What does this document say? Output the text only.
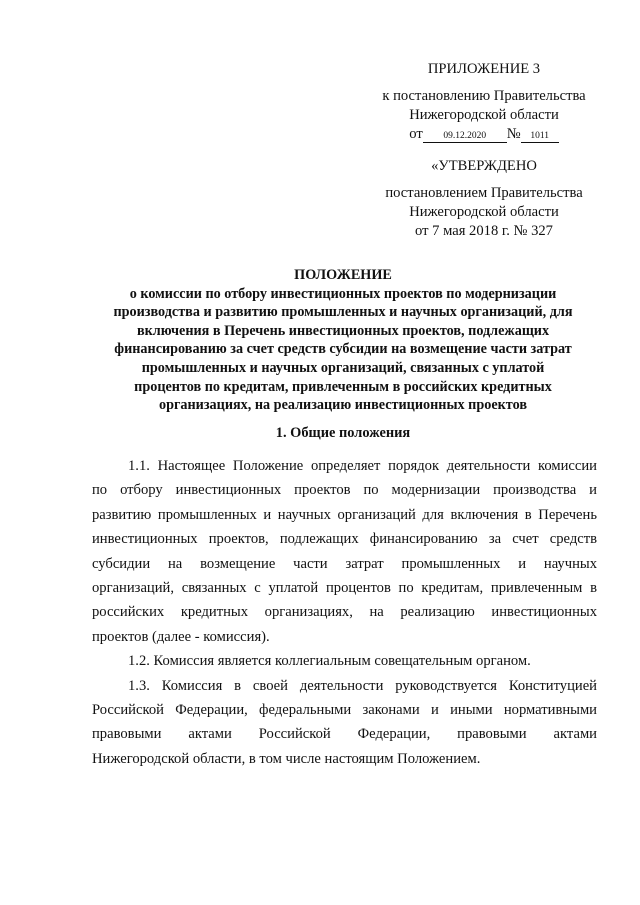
ПРИЛОЖЕНИЕ 3
к постановлению Правительства
Нижегородской области
от 09.12.2020 № 1011
«УТВЕРЖДЕНО
постановлением Правительства
Нижегородской области
от 7 мая 2018 г. № 327
ПОЛОЖЕНИЕ
о комиссии по отбору инвестиционных проектов по модернизации
производства и развитию промышленных и научных организаций, для
включения в Перечень инвестиционных проектов, подлежащих
финансированию за счет средств субсидии на возмещение части затрат
промышленных и научных организаций, связанных с уплатой
процентов по кредитам, привлеченным в российских кредитных
организациях, на реализацию инвестиционных проектов
1. Общие положения
1.1. Настоящее Положение определяет порядок деятельности комиссии
по отбору инвестиционных проектов по модернизации производства и
развитию промышленных и научных организаций для включения в Перечень
инвестиционных проектов, подлежащих финансированию за счет средств
субсидии на возмещение части затрат промышленных и научных
организаций, связанных с уплатой процентов по кредитам, привлеченным в
российских кредитных организациях, на реализацию инвестиционных
проектов (далее - комиссия).
1.2. Комиссия является коллегиальным совещательным органом.
1.3. Комиссия в своей деятельности руководствуется Конституцией
Российской Федерации, федеральными законами и иными нормативными
правовыми актами Российской Федерации, правовыми актами
Нижегородской области, в том числе настоящим Положением.
